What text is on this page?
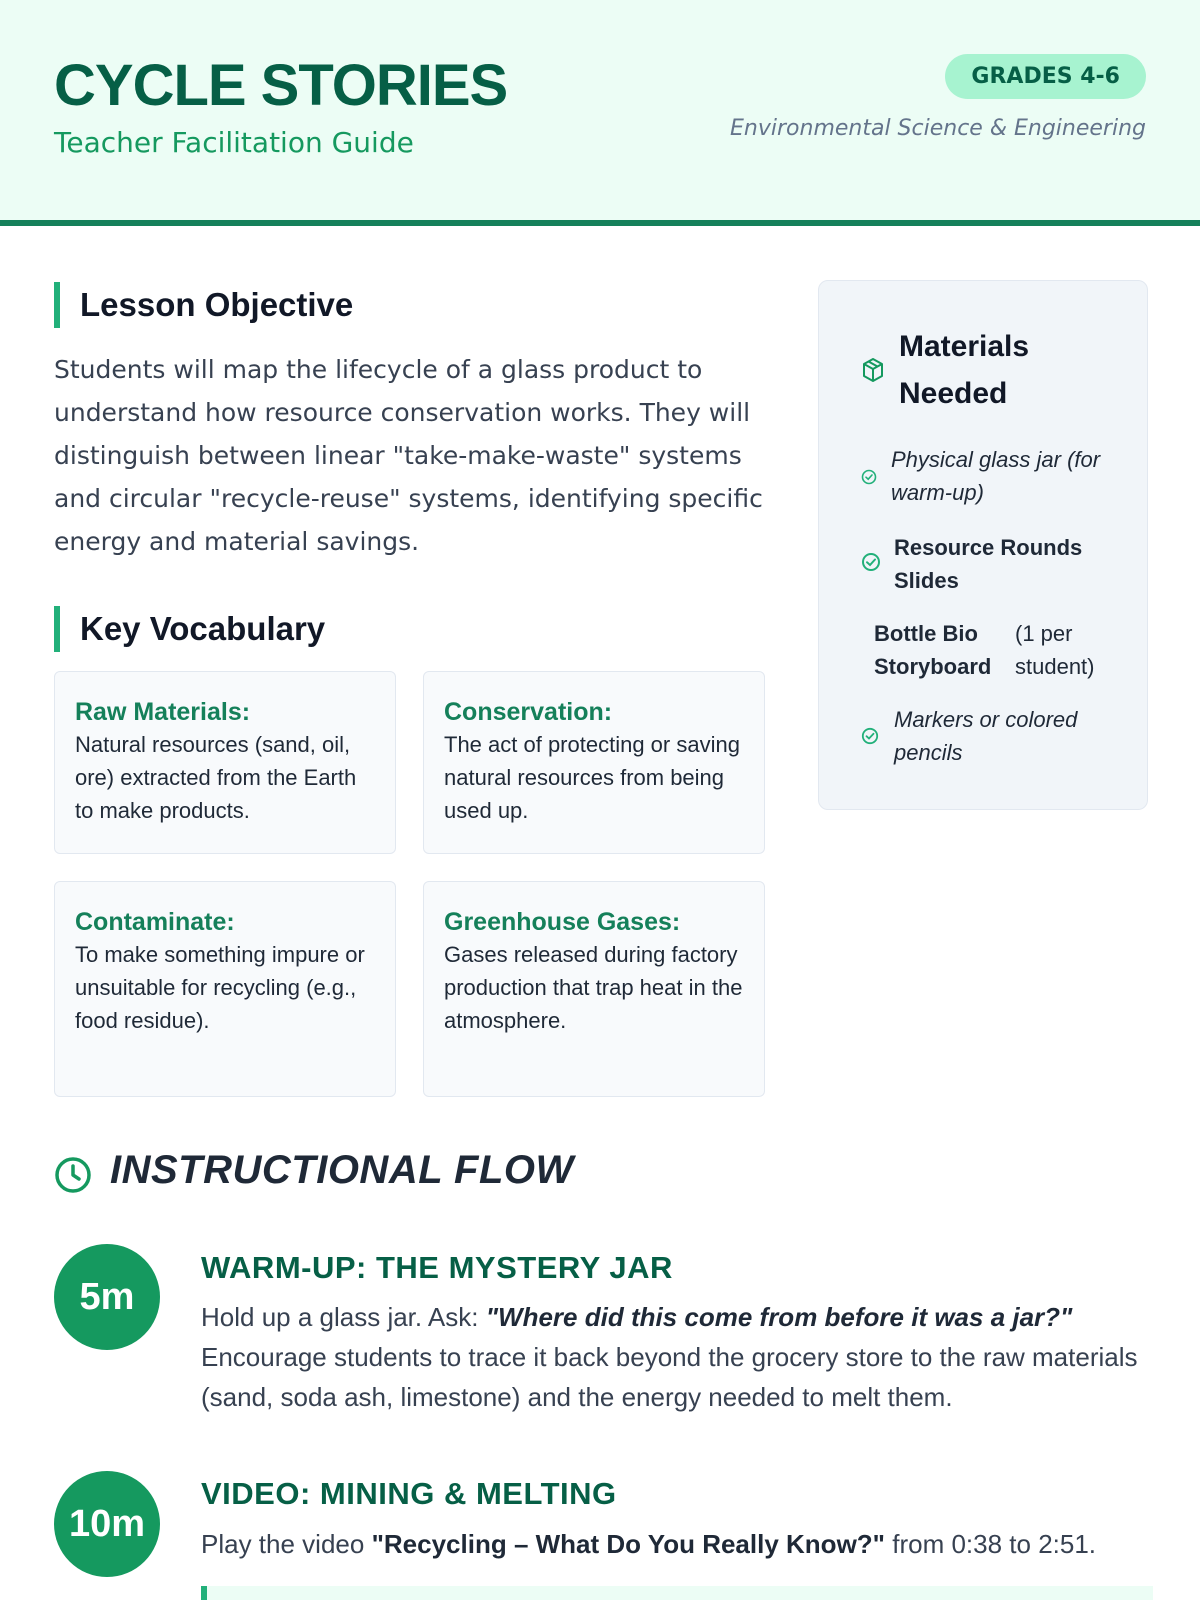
CYCLE STORIES
Teacher Facilitation Guide
GRADES 4-6
Environmental Science & Engineering
Lesson Objective

Students will map the lifecycle of a glass product to understand how resource conservation works. They will distinguish between linear "take-make-waste" systems and circular "recycle-reuse" systems, identifying specific energy and material savings.

Key Vocabulary
Raw Materials:
Natural resources (sand, oil, ore) extracted from the Earth to make products.
Conservation:
The act of protecting or saving natural resources from being used up.
Contaminate:
To make something impure or unsuitable for recycling (e.g., food residue).
Greenhouse Gases:
Gases released during factory production that trap heat in the atmosphere.
Materials Needed
Physical glass jar (for warm-up)
Resource Rounds Slides
Bottle Bio Storyboard
(1 per student)
Markers or colored pencils
INSTRUCTIONAL FLOW
5m
WARM-UP: THE MYSTERY JAR
Hold up a glass jar. Ask: "Where did this come from before it was a jar?" Encourage students to trace it back beyond the grocery store to the raw materials (sand, soda ash, limestone) and the energy needed to melt them.
10m
VIDEO: MINING & MELTING
Play the video "Recycling – What Do You Really Know?" from 0:38 to 2:51.
